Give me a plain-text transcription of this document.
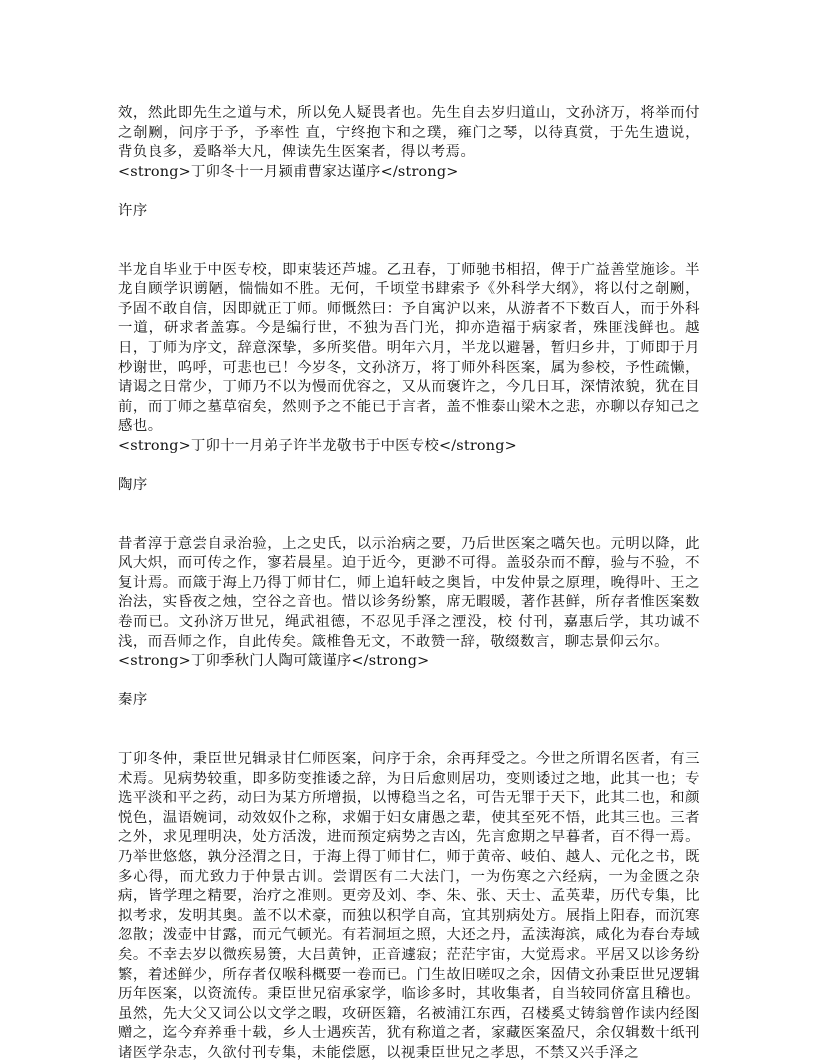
效，然此即先生之道与术，所以免人疑畏者也。先生自去岁归道山，文孙济万，将举而付之剞劂，问序于予，予率性 直，宁终抱卞和之璞，雍门之琴，以待真赏，于先生遗说，背负良多，爰略举大凡，俾读先生医案者，得以考焉。

<strong>丁卯冬十一月颍甫曹家达谨序</strong>

许序

半龙自毕业于中医专校，即束装还芦墟。乙丑春，丁师驰书相招，俾于广益善堂施诊。半龙自顾学识谫陋，惴惴如不胜。无何，千顷堂书肆索予《外科学大纲》，将以付之剞劂，予固不敢自信，因即就正丁师。师慨然曰：予自寓沪以来，从游者不下数百人，而于外科一道，研求者盖寡。今是编行世，不独为吾门光，抑亦造福于病家者，殊匪浅鲜也。越日，丁师为序文，辞意深挚，多所奖借。明年六月，半龙以避暑，暂归乡井，丁师即于月杪谢世，呜呼，可悲也已！今岁冬，文孙济万，将丁师外科医案，属为参校，予性疏懒，请谒之日常少，丁师乃不以为慢而优容之，又从而褒许之，今几日耳，深情浓貌，犹在目前，而丁师之墓草宿矣，然则予之不能已于言者，盖不惟泰山梁木之悲，亦聊以存知己之感也。

<strong>丁卯十一月弟子许半龙敬书于中医专校</strong>

陶序

昔者淳于意尝自录治验，上之史氏，以示治病之要，乃后世医案之嚆矢也。元明以降，此风大炽，而可传之作，寥若晨星。迫于近今，更渺不可得。盖驳杂而不醇，验与不验，不复计焉。而箴于海上乃得丁师甘仁，师上追轩岐之奥旨，中发仲景之原理，晚得叶、王之治法，实昏夜之烛，空谷之音也。惜以诊务纷繁，席无暇暖，著作甚鲜，所存者惟医案数卷而已。文孙济万世兄，绳武祖德，不忍见手泽之湮没，校 付刊，嘉惠后学，其功诚不浅，而吾师之作，自此传矣。箴椎鲁无文，不敢赞一辞，敬缀数言，聊志景仰云尔。

<strong>丁卯季秋门人陶可箴谨序</strong>

秦序

丁卯冬仲，秉臣世兄辑录甘仁师医案，问序于余，余再拜受之。今世之所谓名医者，有三术焉。见病势较重，即多防变推诿之辞，为日后愈则居功，变则诿过之地，此其一也；专选平淡和平之药，动曰为某方所增损，以博稳当之名，可告无罪于天下，此其二也，和颜悦色，温语婉词，动效奴仆之称，求媚于妇女庸愚之辈，使其至死不悟，此其三也。三者之外，求见理明决，处方活泼，进而预定病势之吉凶，先言愈期之早暮者，百不得一焉。乃举世悠悠，孰分泾渭之日，于海上得丁师甘仁，师于黄帝、岐伯、越人、元化之书，既多心得，而尤致力于仲景古训。尝谓医有二大法门，一为伤寒之六经病，一为金匮之杂病，皆学理之精要，治疗之准则。更旁及刘、李、朱、张、天士、孟英辈，历代专集，比拟考求，发明其奥。盖不以术豪，而独以积学自高，宜其别病处方。展指上阳春，而沉寒忽散；泼壶中甘露，而元气顿光。有若洞垣之照，大还之丹，孟渎海滨，咸化为春台寿域矣。不幸去岁以微疾易箦，大吕黄钟，正音遽寂；茫茫宇宙，大觉焉求。平居又以诊务纷繁，着述鲜少，所存者仅喉科概要一卷而已。门生故旧嗟叹之余，因倩文孙秉臣世兄逻辑历年医案，以资流传。秉臣世兄宿承家学，临诊多时，其收集者，自当较同侪富且稽也。虽然，先大父又词公以文学之暇，攻研医籍，名被浦江东西，召楼奚丈铸翁曾作读内经图赠之，迄今弃养垂十载，乡人士遇疾苦，犹有称道之者，家藏医案盈尺，余仅辑数十纸刊诸医学杂志，久欲付刊专集，未能偿愿，以视秉臣世兄之孝思，不禁又兴手泽之
